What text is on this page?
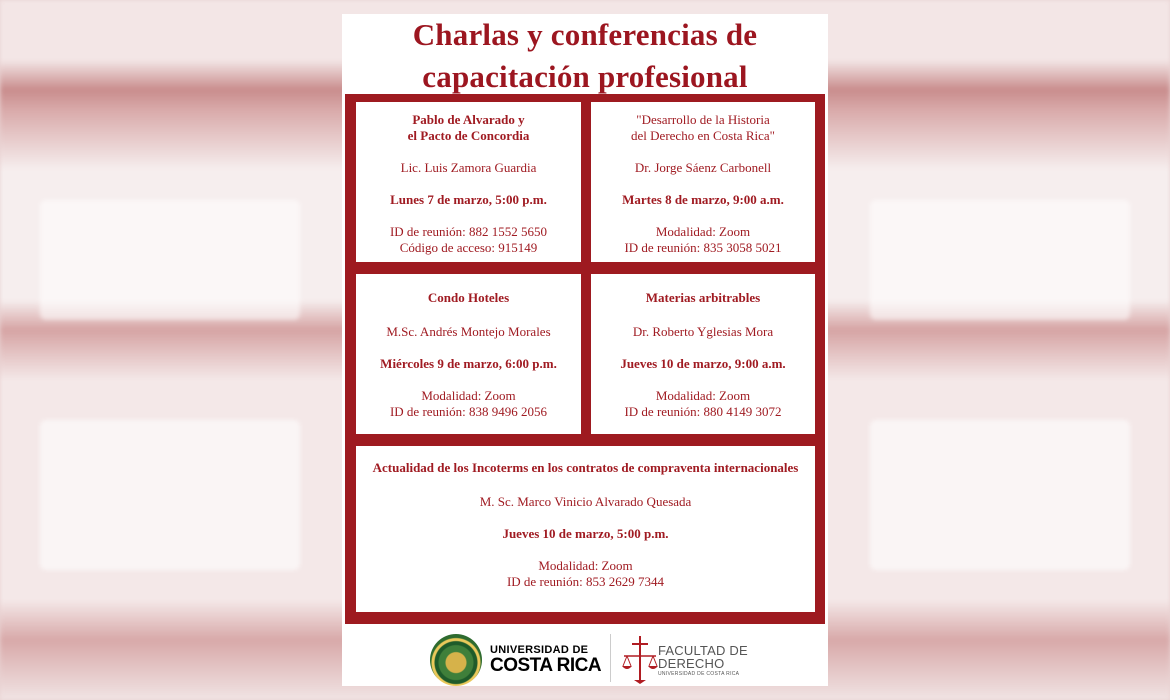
Charlas y conferencias de
capacitación profesional

Pablo de Alvarado y

el Pacto de Concordia

Lic. Luis Zamora Guardia

Lunes 7 de marzo, 5:00 p.m.

ID de reunión: 882 1552 5650

Código de acceso: 915149

"Desarrollo de la Historia

del Derecho en Costa Rica"

Dr. Jorge Sáenz Carbonell

Martes 8 de marzo, 9:00 a.m.

Modalidad: Zoom

ID de reunión: 835 3058 5021

Condo Hoteles

M.Sc. Andrés Montejo Morales

Miércoles 9 de marzo, 6:00 p.m.

Modalidad: Zoom

ID de reunión: 838 9496 2056

Materias arbitrables

Dr. Roberto Yglesias Mora

Jueves 10 de marzo, 9:00 a.m.

Modalidad: Zoom

ID de reunión: 880 4149 3072

Actualidad de los Incoterms en los contratos de compraventa internacionales

M. Sc. Marco Vinicio Alvarado Quesada

Jueves 10 de marzo, 5:00 p.m.

Modalidad: Zoom

ID de reunión: 853 2629 7344

UNIVERSIDAD DE
COSTA RICA
FACULTAD DE
DERECHO
UNIVERSIDAD DE COSTA RICA
